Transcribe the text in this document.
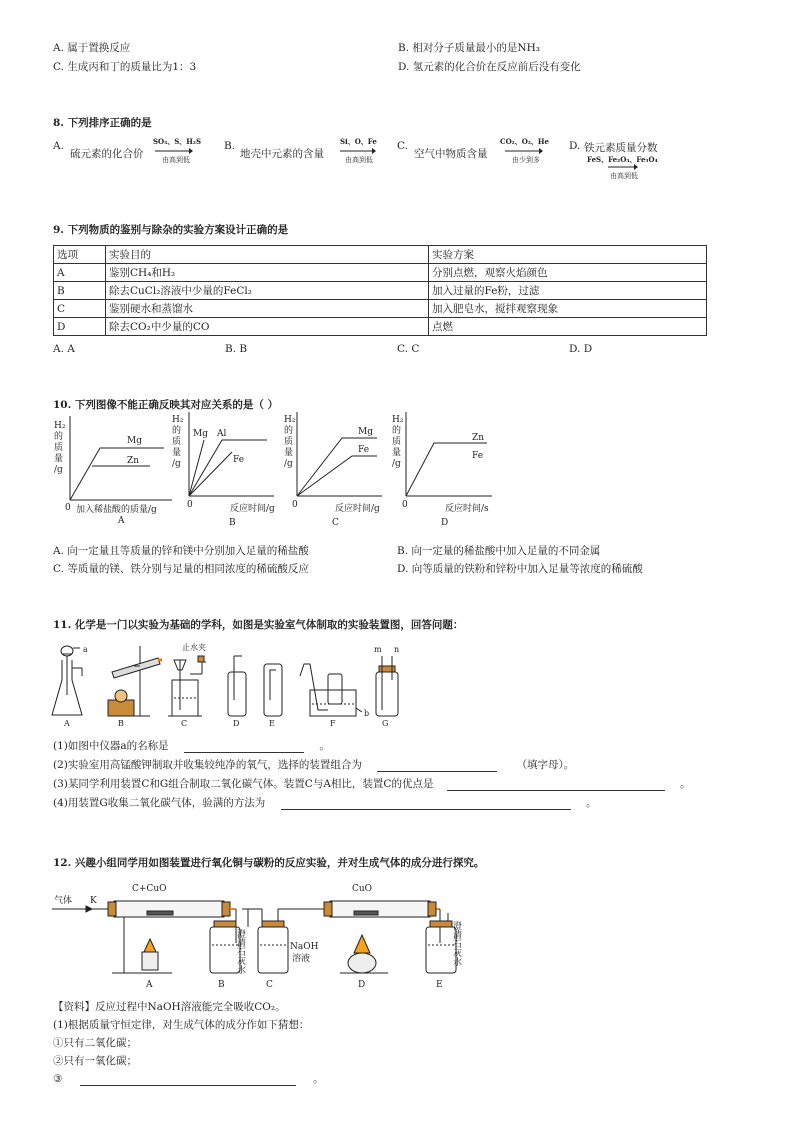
A. 属于置换反应	B. 相对分子质量最小的是NH₃
C. 生成丙和丁的质量比为1：3	D. 氢元素的化合价在反应前后没有变化
8. 下列排序正确的是
A.
硫元素的化合价
SO₃、S、H₂S
由高到低
B.
地壳中元素的含量
Si、O、Fe
由高到低
C.
空气中物质含量
CO₂、O₂、He
由少到多
D. 铁元素质量分数
FeS、Fe₂O₃、Fe₃O₄
由高到低
9. 下列物质的鉴别与除杂的实验方案设计正确的是
选项	实验目的	实验方案
A	鉴别CH₄和H₂	分别点燃，观察火焰颜色
B	除去CuCl₂溶液中少量的FeCl₂	加入过量的Fe粉，过滤
C	鉴别硬水和蒸馏水	加入肥皂水，搅拌观察现象
D	除去CO₂中少量的CO	点燃
A. A	B. B	C. C	D. D
10. 下列图像不能正确反映其对应关系的是（ ）
H₂
的
质
量
/g
Mg
Zn
0 加入稀盐酸的质量/g
A
H₂
的
质
量
/g
Mg Al
Fe
0	反应时间/g
B
H₂
的
质
量
/g
Mg
Fe
0	反应时间/g
C
H₂
的
质
量
/g
Zn
Fe
0	反应时间/s
D
A. 向一定量且等质量的锌和镁中分别加入足量的稀盐酸	B. 向一定量的稀盐酸中加入足量的不同金属
C. 等质量的镁、铁分别与足量的相同浓度的稀硫酸反应	D. 向等质量的铁粉和锌粉中加入足量等浓度的稀硫酸
11. 化学是一门以实验为基础的学科，如图是实验室气体制取的实验装置图，回答问题：
a	止水夹
b
m n
A	B	C	D	E	F	G
(1)如图中仪器a的名称是	。
(2)实验室用高锰酸钾制取并收集较纯净的氧气，选择的装置组合为	（填字母）。
(3)某同学利用装置C和G组合制取二氧化碳气体。装置C与A相比，装置C的优点是	。
(4)用装置G收集二氧化碳气体，验满的方法为	。
12. 兴趣小组同学用如图装置进行氧化铜与碳粉的反应实验，并对生成气体的成分进行探究。
气体 K
C+CuO	CuO
NaOH
溶液
澄清石灰水	澄清石灰水
A	B	C	D	E
【资料】反应过程中NaOH溶液能完全吸收CO₂。
(1)根据质量守恒定律，对生成气体的成分作如下猜想：
①只有二氧化碳；
②只有一氧化碳；
③	。
